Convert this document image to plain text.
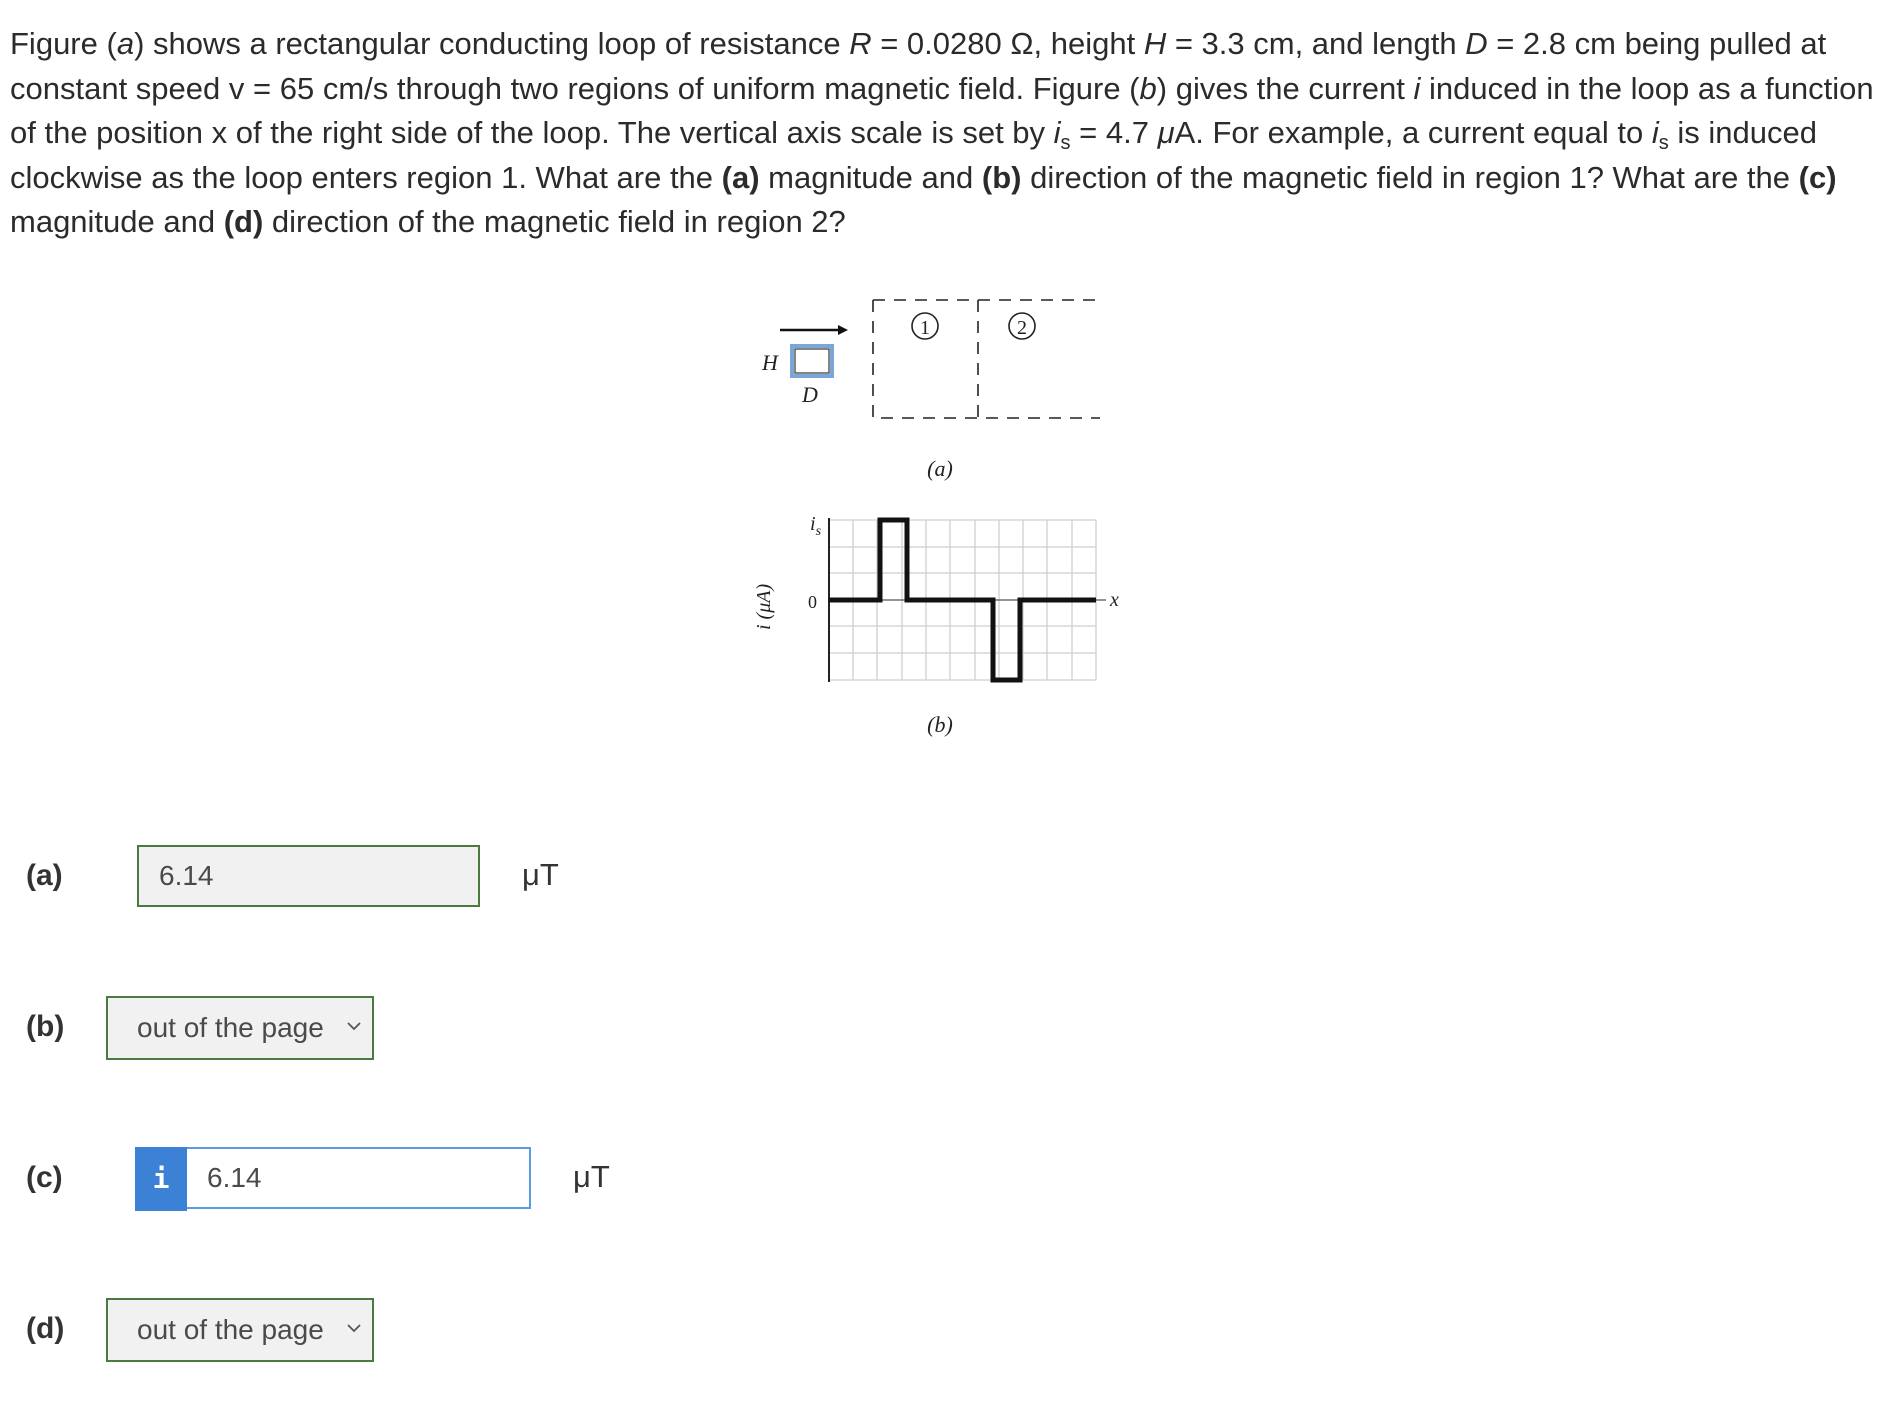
Figure (a) shows a rectangular conducting loop of resistance R = 0.0280 Ω, height H = 3.3 cm, and length D = 2.8 cm being pulled at constant speed v = 65 cm/s through two regions of uniform magnetic field. Figure (b) gives the current i induced in the loop as a function of the position x of the right side of the loop. The vertical axis scale is set by $i_s = 4.7$ μA. For example, a current equal to $i_s$ is induced clockwise as the loop enters region 1. What are the (a) magnitude and (b) direction of the magnetic field in region 1? What are the (c) magnitude and (d) direction of the magnetic field in region 2?
H
D
1	2
(a)
$i_s$
0	x
i (μA)
(b)
(a)	6.14	μT
(b)	out of the page
(c)	i	6.14	μT
(d)	out of the page
